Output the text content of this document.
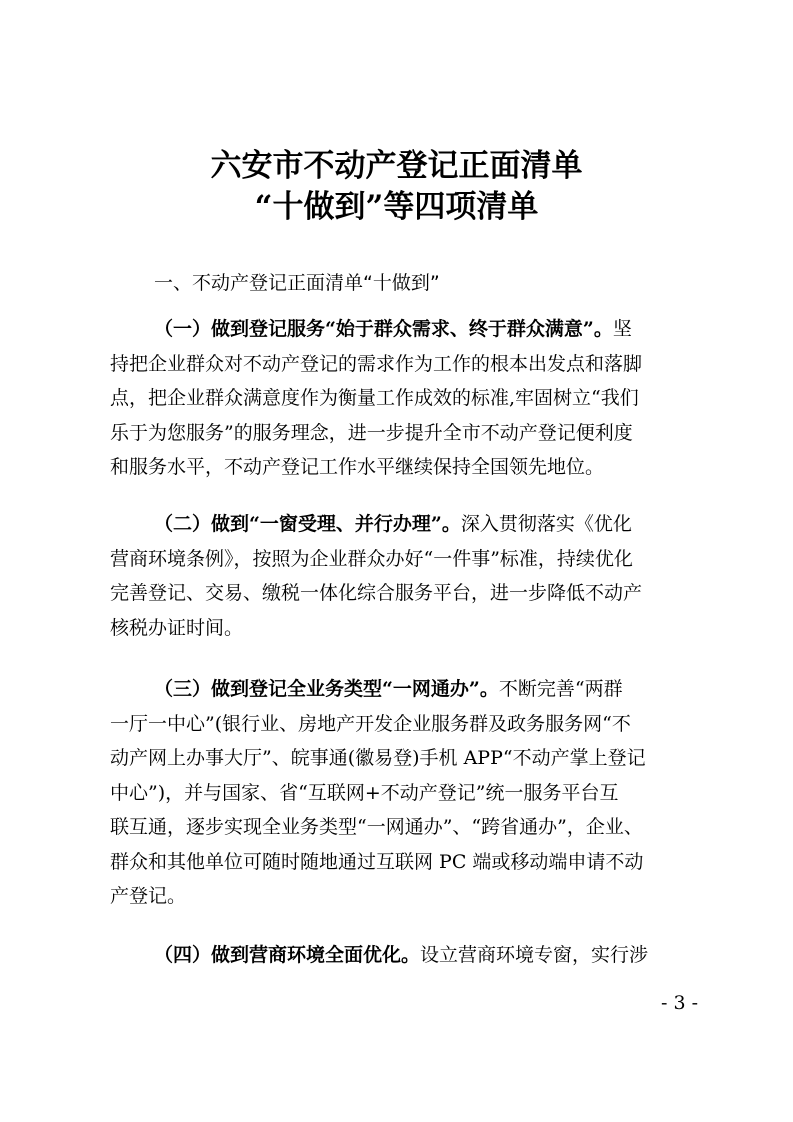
六安市不动产登记正面清单
“十做到”等四项清单
一、不动产登记正面清单“十做到”

（一）做到登记服务“始于群众需求、终于群众满意”。坚
持把企业群众对不动产登记的需求作为工作的根本出发点和落脚
点，把企业群众满意度作为衡量工作成效的标准,牢固树立“我们
乐于为您服务”的服务理念，进一步提升全市不动产登记便利度
和服务水平，不动产登记工作水平继续保持全国领先地位。

（二）做到“一窗受理、并行办理”。深入贯彻落实《优化
营商环境条例》，按照为企业群众办好“一件事”标准，持续优化
完善登记、交易、缴税一体化综合服务平台，进一步降低不动产
核税办证时间。

（三）做到登记全业务类型“一网通办”。不断完善“两群
一厅一中心”(银行业、房地产开发企业服务群及政务服务网“不
动产网上办事大厅”、皖事通(徽易登)手机 APP“不动产掌上登记
中心”)，并与国家、省“互联网+不动产登记”统一服务平台互
联互通，逐步实现全业务类型“一网通办”、“跨省通办”，企业、
群众和其他单位可随时随地通过互联网 PC 端或移动端申请不动
产登记。

（四）做到营商环境全面优化。设立营商环境专窗，实行涉

- 3 -
